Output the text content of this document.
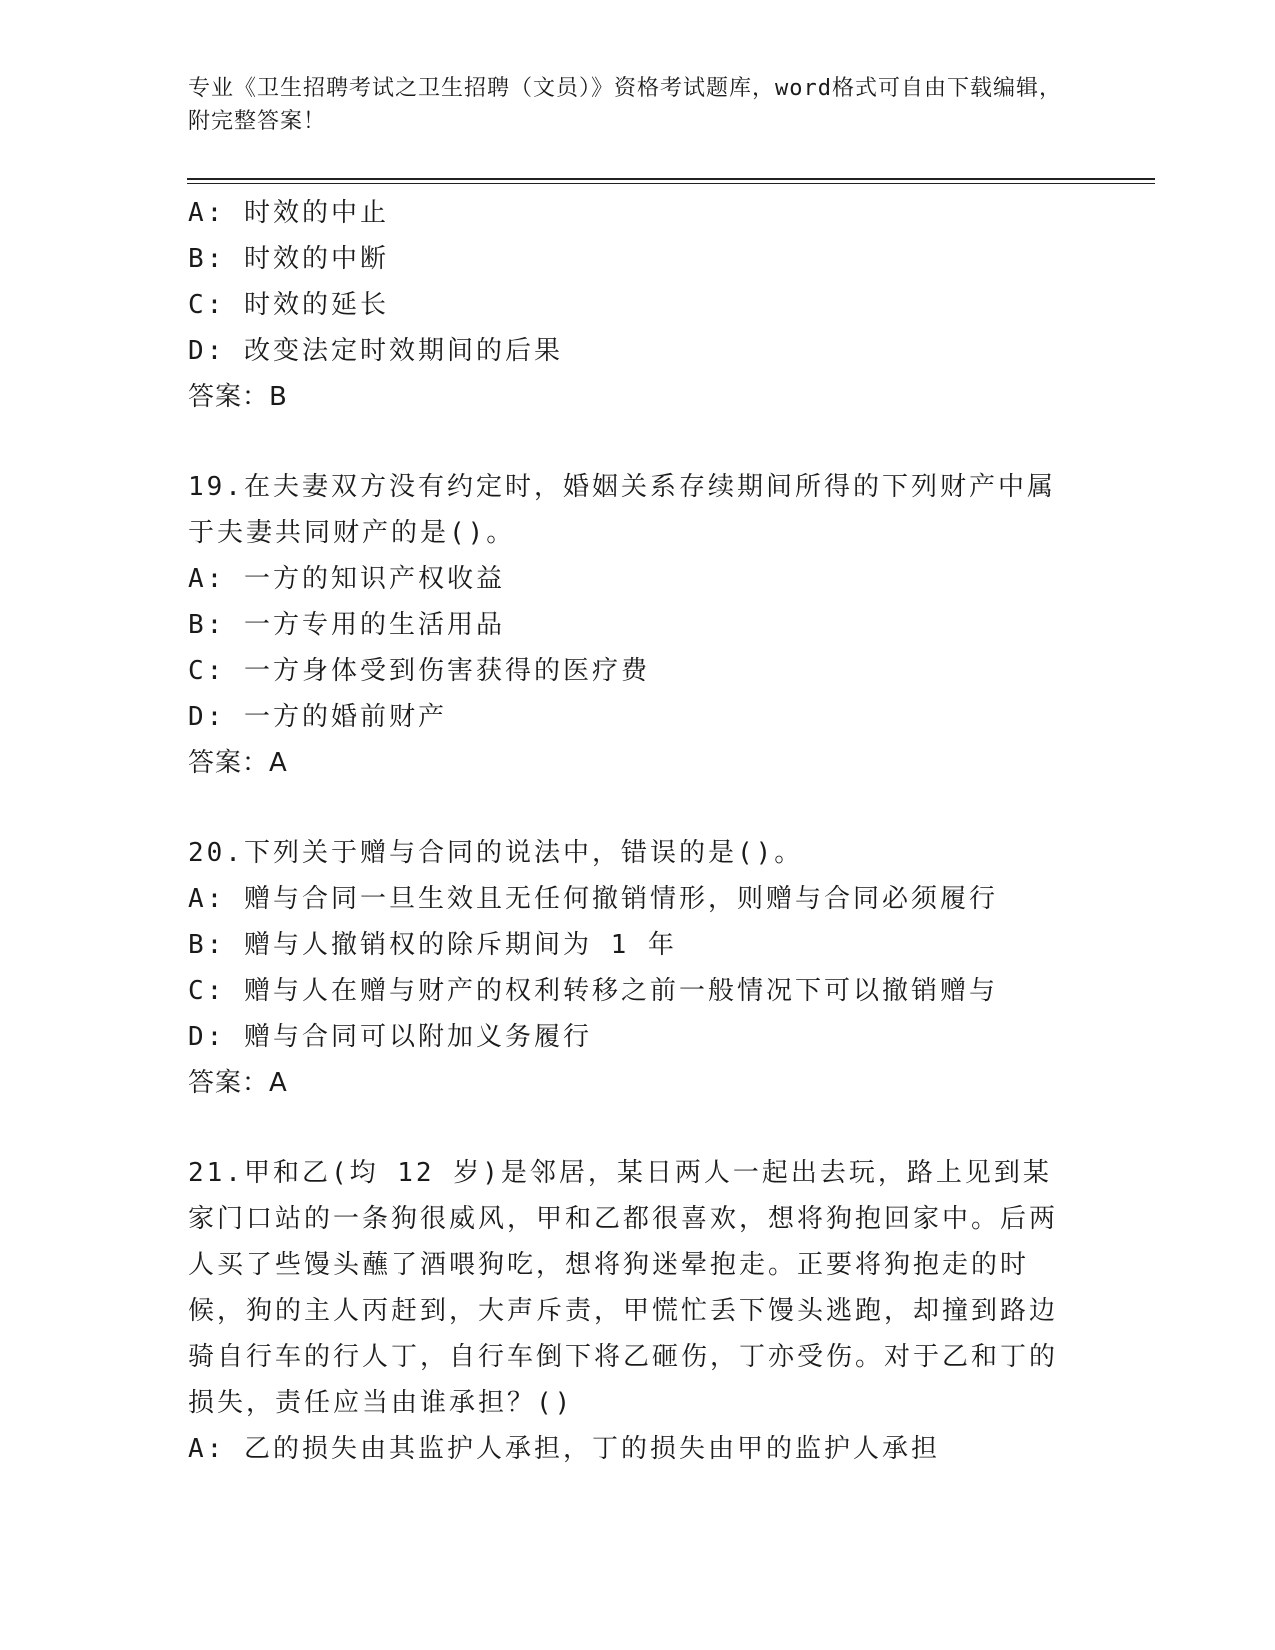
专业《卫生招聘考试之卫生招聘（文员）》资格考试题库，word格式可自由下载编辑，附完整答案！
A: 时效的中止
B: 时效的中断
C: 时效的延长
D: 改变法定时效期间的后果
答案：B
19.在夫妻双方没有约定时，婚姻关系存续期间所得的下列财产中属于夫妻共同财产的是()。
A: 一方的知识产权收益
B: 一方专用的生活用品
C: 一方身体受到伤害获得的医疗费
D: 一方的婚前财产
答案：A
20.下列关于赠与合同的说法中，错误的是()。
A: 赠与合同一旦生效且无任何撤销情形，则赠与合同必须履行
B: 赠与人撤销权的除斥期间为 1 年
C: 赠与人在赠与财产的权利转移之前一般情况下可以撤销赠与
D: 赠与合同可以附加义务履行
答案：A
21.甲和乙(均 12 岁)是邻居，某日两人一起出去玩，路上见到某家门口站的一条狗很威风，甲和乙都很喜欢，想将狗抱回家中。后两人买了些馒头蘸了酒喂狗吃，想将狗迷晕抱走。正要将狗抱走的时候，狗的主人丙赶到，大声斥责，甲慌忙丢下馒头逃跑，却撞到路边骑自行车的行人丁，自行车倒下将乙砸伤，丁亦受伤。对于乙和丁的损失，责任应当由谁承担？()
A: 乙的损失由其监护人承担，丁的损失由甲的监护人承担
